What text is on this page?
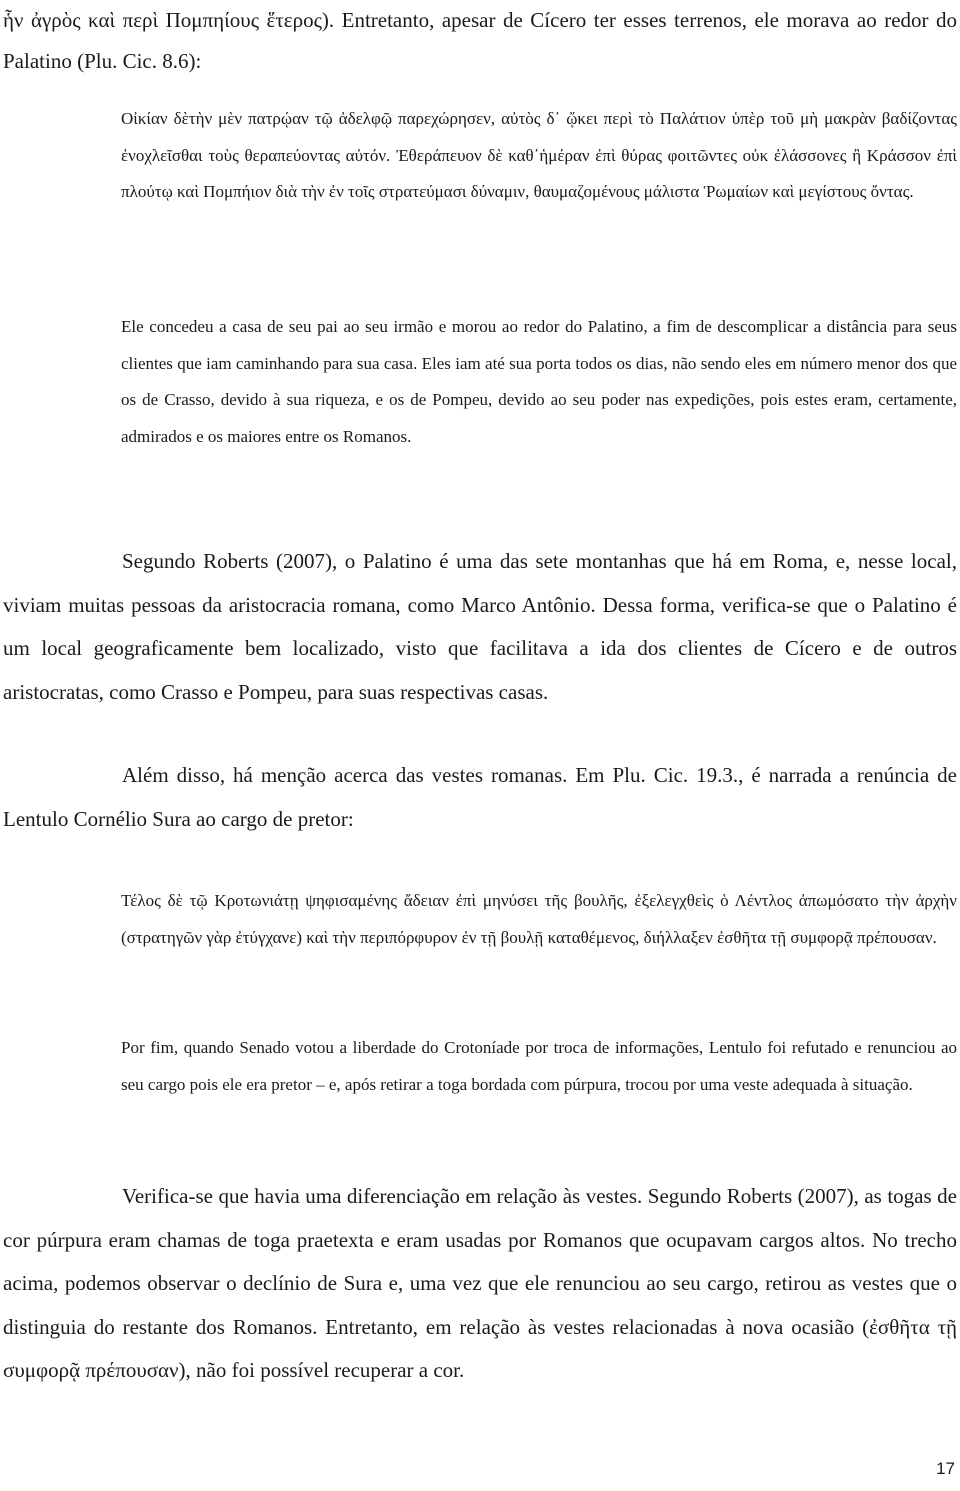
ἧν ἀγρὸς καὶ περὶ Πομπηίους ἕτερος). Entretanto, apesar de Cícero ter esses terrenos, ele morava ao redor do Palatino (Plu. Cic. 8.6):

Οἰκίαν δὲτὴν μὲν πατρῴαν τῷ ἀδελφῷ παρεχώρησεν, αὐτὸς δ᾽ ᾤκει περὶ τὸ Παλάτιον ὑπὲρ τοῦ μὴ μακρὰν βαδίζοντας ἐνοχλεῖσθαι τοὺς θεραπεύοντας αὐτόν. Ἐθεράπευον δὲ καθ᾽ἡμέραν ἐπὶ θύρας φοιτῶντες οὐκ ἐλάσσονες ἢ Κράσσον ἐπὶ πλούτῳ καὶ Πομπήιον διὰ τὴν ἐν τοῖς στρατεύμασι δύναμιν, θαυμαζομένους μάλιστα Ῥωμαίων καὶ μεγίστους ὄντας.

Ele concedeu a casa de seu pai ao seu irmão e morou ao redor do Palatino, a fim de descomplicar a distância para seus clientes que iam caminhando para sua casa. Eles iam até sua porta todos os dias, não sendo eles em número menor dos que os de Crasso, devido à sua riqueza, e os de Pompeu, devido ao seu poder nas expedições, pois estes eram, certamente, admirados e os maiores entre os Romanos.

Segundo Roberts (2007), o Palatino é uma das sete montanhas que há em Roma, e, nesse local, viviam muitas pessoas da aristocracia romana, como Marco Antônio. Dessa forma, verifica-se que o Palatino é um local geograficamente bem localizado, visto que facilitava a ida dos clientes de Cícero e de outros aristocratas, como Crasso e Pompeu, para suas respectivas casas.

Além disso, há menção acerca das vestes romanas. Em Plu. Cic. 19.3., é narrada a renúncia de Lentulo Cornélio Sura ao cargo de pretor:

Τέλος δὲ τῷ Κροτωνιάτῃ ψηφισαμένης ἄδειαν ἐπὶ μηνύσει τῆς βουλῆς, ἐξελεγχθεὶς ὁ Λέντλος ἀπωμόσατο τὴν ἀρχὴν (στρατηγῶν γὰρ ἐτύγχανε) καὶ τὴν περιπόρφυρον ἐν τῇ βουλῇ καταθέμενος, διήλλαξεν ἐσθῆτα τῇ συμφορᾷ πρέπουσαν.

Por fim, quando Senado votou a liberdade do Crotoníade por troca de informações, Lentulo foi refutado e renunciou ao seu cargo pois ele era pretor – e, após retirar a toga bordada com púrpura, trocou por uma veste adequada à situação.

Verifica-se que havia uma diferenciação em relação às vestes. Segundo Roberts (2007), as togas de cor púrpura eram chamas de toga praetexta e eram usadas por Romanos que ocupavam cargos altos. No trecho acima, podemos observar o declínio de Sura e, uma vez que ele renunciou ao seu cargo, retirou as vestes que o distinguia do restante dos Romanos. Entretanto, em relação às vestes relacionadas à nova ocasião (ἐσθῆτα τῇ συμφορᾷ πρέπουσαν), não foi possível recuperar a cor.

17
